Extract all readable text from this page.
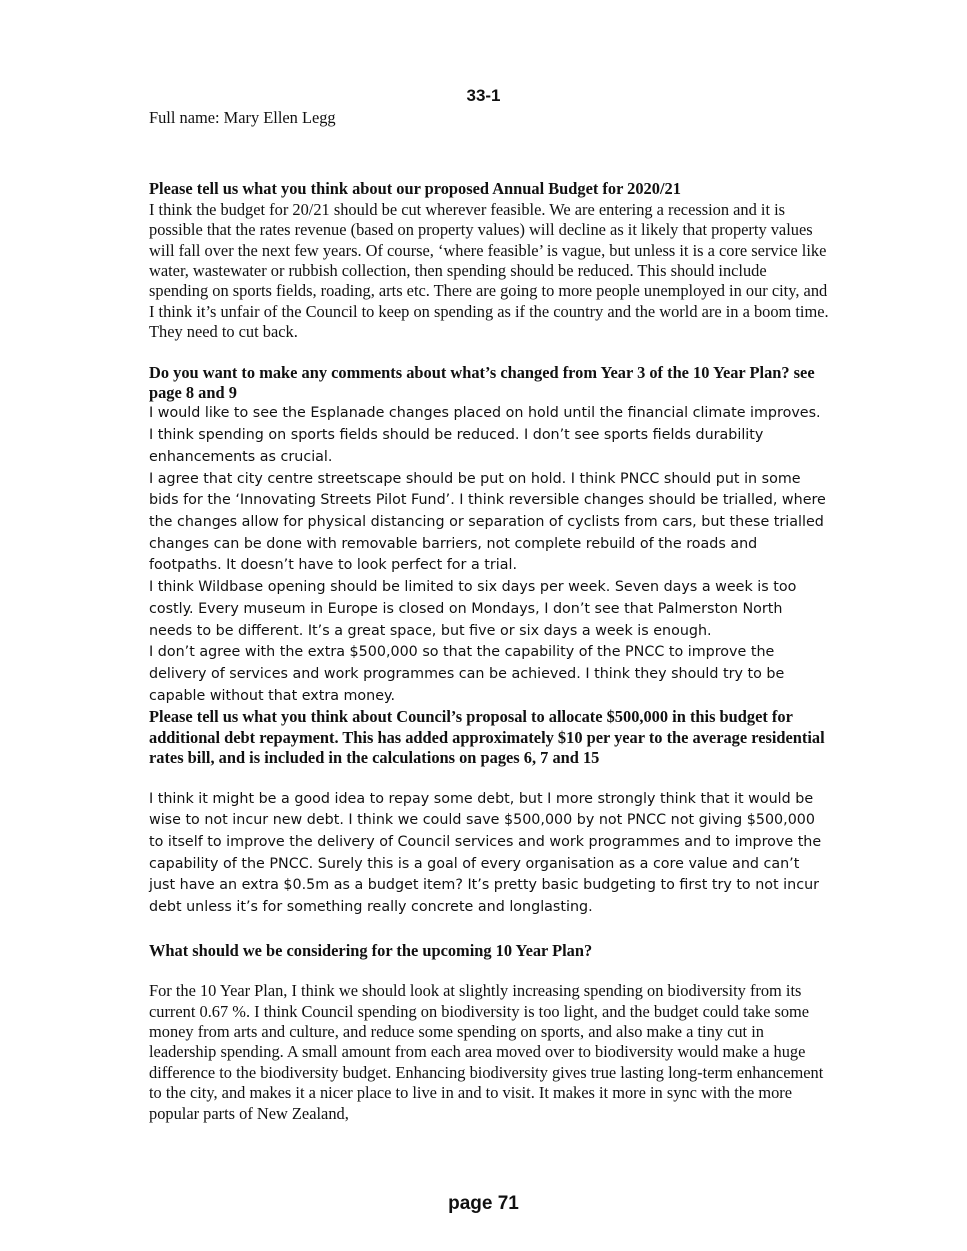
33-1

Full name: Mary Ellen Legg

Please tell us what you think about our proposed Annual Budget for 2020/21

I think the budget for 20/21 should be cut wherever feasible. We are entering a recession and it is possible that the rates revenue (based on property values) will decline as it likely that property values will fall over the next few years. Of course, ‘where feasible’ is vague, but unless it is a core service like water, wastewater or rubbish collection, then spending should be reduced. This should include spending on sports fields, roading, arts etc. There are going to more people unemployed in our city, and I think it’s unfair of the Council to keep on spending as if the country and the world are in a boom time. They need to cut back.

Do you want to make any comments about what’s changed from Year 3 of the 10 Year Plan? see page 8 and 9

I would like to see the Esplanade changes placed on hold until the financial climate improves.

I think spending on sports fields should be reduced. I don’t see sports fields durability enhancements as crucial.

I agree that city centre streetscape should be put on hold. I think PNCC should put in some bids for the ‘Innovating Streets Pilot Fund’. I think reversible changes should be trialled, where the changes allow for physical distancing or separation of cyclists from cars, but these trialled changes can be done with removable barriers, not complete rebuild of the roads and footpaths. It doesn’t have to look perfect for a trial.

I think Wildbase opening should be limited to six days per week. Seven days a week is too costly. Every museum in Europe is closed on Mondays, I don’t see that Palmerston North needs to be different. It’s a great space, but five or six days a week is enough.

I don’t agree with the extra $500,000 so that the capability of the PNCC to improve the delivery of services and work programmes can be achieved. I think they should try to be capable without that extra money.

Please tell us what you think about Council’s proposal to allocate $500,000 in this budget for additional debt repayment. This has added approximately $10 per year to the average residential rates bill, and is included in the calculations on pages 6, 7 and 15

I think it might be a good idea to repay some debt, but I more strongly think that it would be wise to not incur new debt. I think we could save $500,000 by not PNCC not giving $500,000 to itself to improve the delivery of Council services and work programmes and to improve the capability of the PNCC. Surely this is a goal of every organisation as a core value and can’t just have an extra $0.5m as a budget item? It’s pretty basic budgeting to first try to not incur debt unless it’s for something really concrete and longlasting.

What should we be considering for the upcoming 10 Year Plan?

For the 10 Year Plan, I think we should look at slightly increasing spending on biodiversity from its current 0.67 %. I think Council spending on biodiversity is too light, and the budget could take some money from arts and culture, and reduce some spending on sports, and also make a tiny cut in leadership spending. A small amount from each area moved over to biodiversity would make a huge difference to the biodiversity budget. Enhancing biodiversity gives true lasting long-term enhancement to the city, and makes it a nicer place to live in and to visit. It makes it more in sync with the more popular parts of New Zealand,

page 71
